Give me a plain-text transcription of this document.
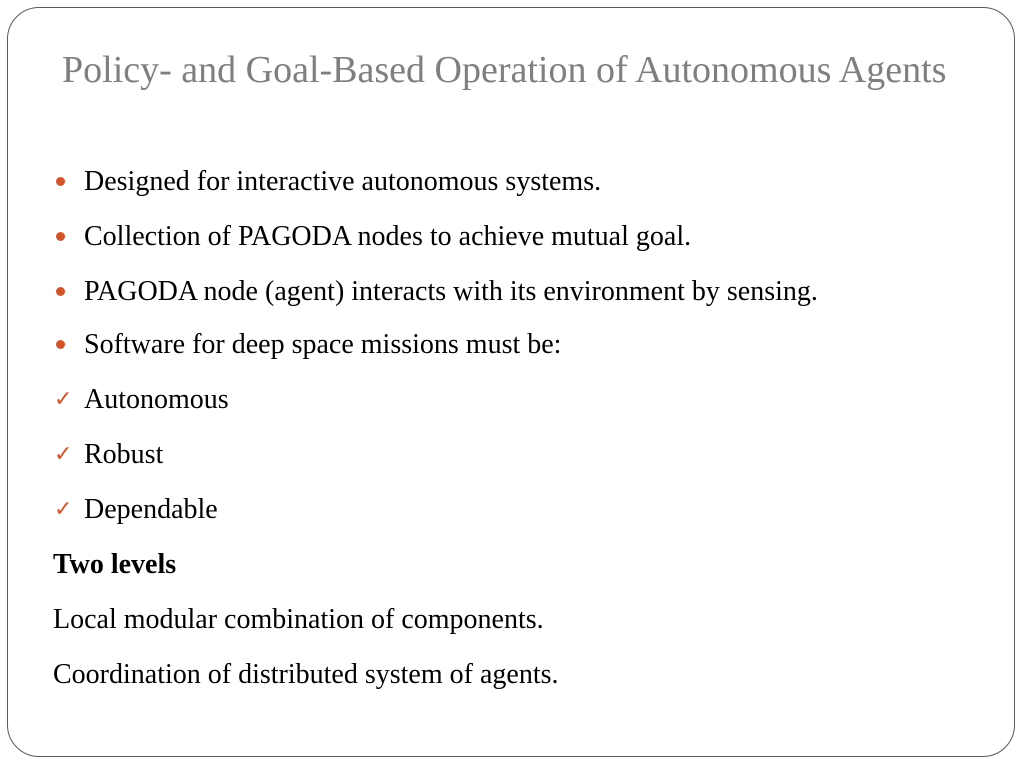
Policy- and Goal-Based Operation of Autonomous Agents
Designed for interactive autonomous systems.
Collection of PAGODA nodes to achieve mutual goal.
PAGODA node (agent) interacts with its environment by sensing.
Software for deep space missions must be:
✓ Autonomous
✓ Robust
✓ Dependable
Two levels
Local modular combination of components.
Coordination of distributed system of agents.
